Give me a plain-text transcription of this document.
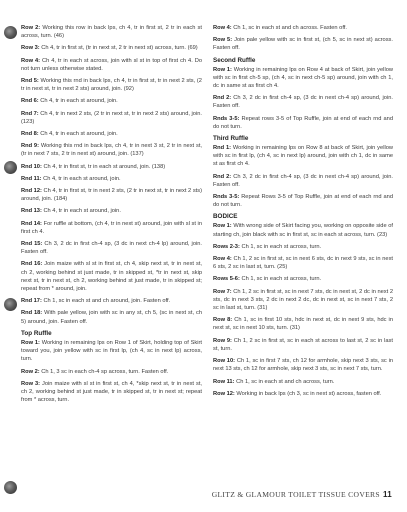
Row 2: Working this row in back lps, ch 4, tr in first st, 2 tr in each st across, turn. (46)

Row 3: Ch 4, tr in first st, (tr in next st, 2 tr in next st) across, turn. (69)

Row 4: Ch 4, tr in each st across, join with sl st in top of first ch 4. Do not turn unless otherwise stated.

Rnd 5: Working this rnd in back lps, ch 4, tr in first st, tr in next 2 sts, (2 tr in next st, tr in next 2 sts) around, join. (92)

Rnd 6: Ch 4, tr in each st around, join.

Rnd 7: Ch 4, tr in next 2 sts, (2 tr in next st, tr in next 2 sts) around, join. (123)

Rnd 8: Ch 4, tr in each st around, join.

Rnd 9: Working this rnd in back lps, ch 4, tr in next 3 st, 2 tr in next st, (tr in next 7 sts, 2 tr in next st) around, join. (137)

Rnd 10: Ch 4, tr in first st, tr in each st around, join. (138)

Rnd 11: Ch 4, tr in each st around, join.

Rnd 12: Ch 4, tr in first st, tr in next 2 sts, (2 tr in next st, tr in next 2 sts) around, join. (184)

Rnd 13: Ch 4, tr in each st around, join.

Rnd 14: For ruffle at bottom, (ch 4, tr in next st) around, join with sl st in first ch 4.

Rnd 15: Ch 3, 2 dc in first ch-4 sp, (3 dc in next ch-4 lp) around, join. Fasten off.

Rnd 16: Join maize with sl st in first st, ch 4, skip next st, tr in next st, ch 2, working behind st just made, tr in skipped st, *tr in next st, skip next st, tr in next st, ch 2, working behind st just made, tr in skipped st; repeat from * around, join.

Rnd 17: Ch 1, sc in each st and ch around, join. Fasten off.

Rnd 18: With pale yellow, join with sc in any st, ch 5, (sc in next st, ch 5) around, join. Fasten off.

Top Ruffle

Row 1: Working in remaining lps on Row 1 of Skirt, holding top of Skirt toward you, join yellow with sc in first lp, (ch 4, sc in next lp) across, turn.

Row 2: Ch 1, 3 sc in each ch-4 sp across, turn. Fasten off.

Row 3: Join maize with sl st in first st, ch 4, *skip next st, tr in next st, ch 2, working behind st just made, tr in skipped st, tr in next st; repeat from * across, turn.

Row 4: Ch 1, sc in each st and ch across. Fasten off.

Row 5: Join pale yellow with sc in first st, (ch 5, sc in next st) across. Fasten off.

Second Ruffle

Row 1: Working in remaining lps on Row 4 at back of Skirt, join yellow with sc in first ch-5 sp, (ch 4, sc in next ch-5 sp) around, join with ch 1, dc in same st as first ch 4.

Rnd 2: Ch 3, 2 dc in first ch-4 sp, (3 dc in next ch-4 sp) around, join. Fasten off.

Rnds 3-5: Repeat rows 3-5 of Top Ruffle, join at end of each rnd and do not turn.

Third Ruffle

Rnd 1: Working in remaining lps on Row 8 at back of Skirt, join yellow with sc in first lp, (ch 4, sc in next lp) around, join with ch 1, dc in same st as first ch 4.

Rnd 2: Ch 3, 2 dc in first ch-4 sp, (3 dc in next ch-4 sp) around, join. Fasten off.

Rnds 3-5: Repeat Rows 3-5 of Top Ruffle, join at end of each rnd and do not turn.

BODICE

Row 1: With wrong side of Skirt facing you, working on opposite side of starting ch, join black with sc in first st, sc in each st across, turn. (23)

Rows 2-3: Ch 1, sc in each st across, turn.

Row 4: Ch 1, 2 sc in first st, sc in next 6 sts, dc in next 9 sts, sc in next 6 sts, 2 sc in last st, turn. (25)

Rows 5-6: Ch 1, sc in each st across, turn.

Row 7: Ch 1, 2 sc in first st, sc in next 7 sts, dc in next st, 2 dc in next 2 sts, dc in next 3 sts, 2 dc in next 2 dc, dc in next st, sc in next 7 sts, 2 sc in last st, turn. (31)

Row 8: Ch 1, sc in first 10 sts, hdc in next st, dc in next 9 sts, hdc in next st, sc in next 10 sts, turn. (31)

Row 9: Ch 1, 2 sc in first st, sc in each st across to last st, 2 sc in last st, turn.

Row 10: Ch 1, sc in first 7 sts, ch 12 for armhole, skip next 3 sts, sc in next 13 sts, ch 12 for armhole, skip next 3 sts, sc in next 7 sts, turn.

Row 11: Ch 1, sc in each st and ch across, turn.

Row 12: Working in back lps (ch 3, sc in next st) across, fasten off.

GLITZ & GLAMOUR TOILET TISSUE COVERS 11
